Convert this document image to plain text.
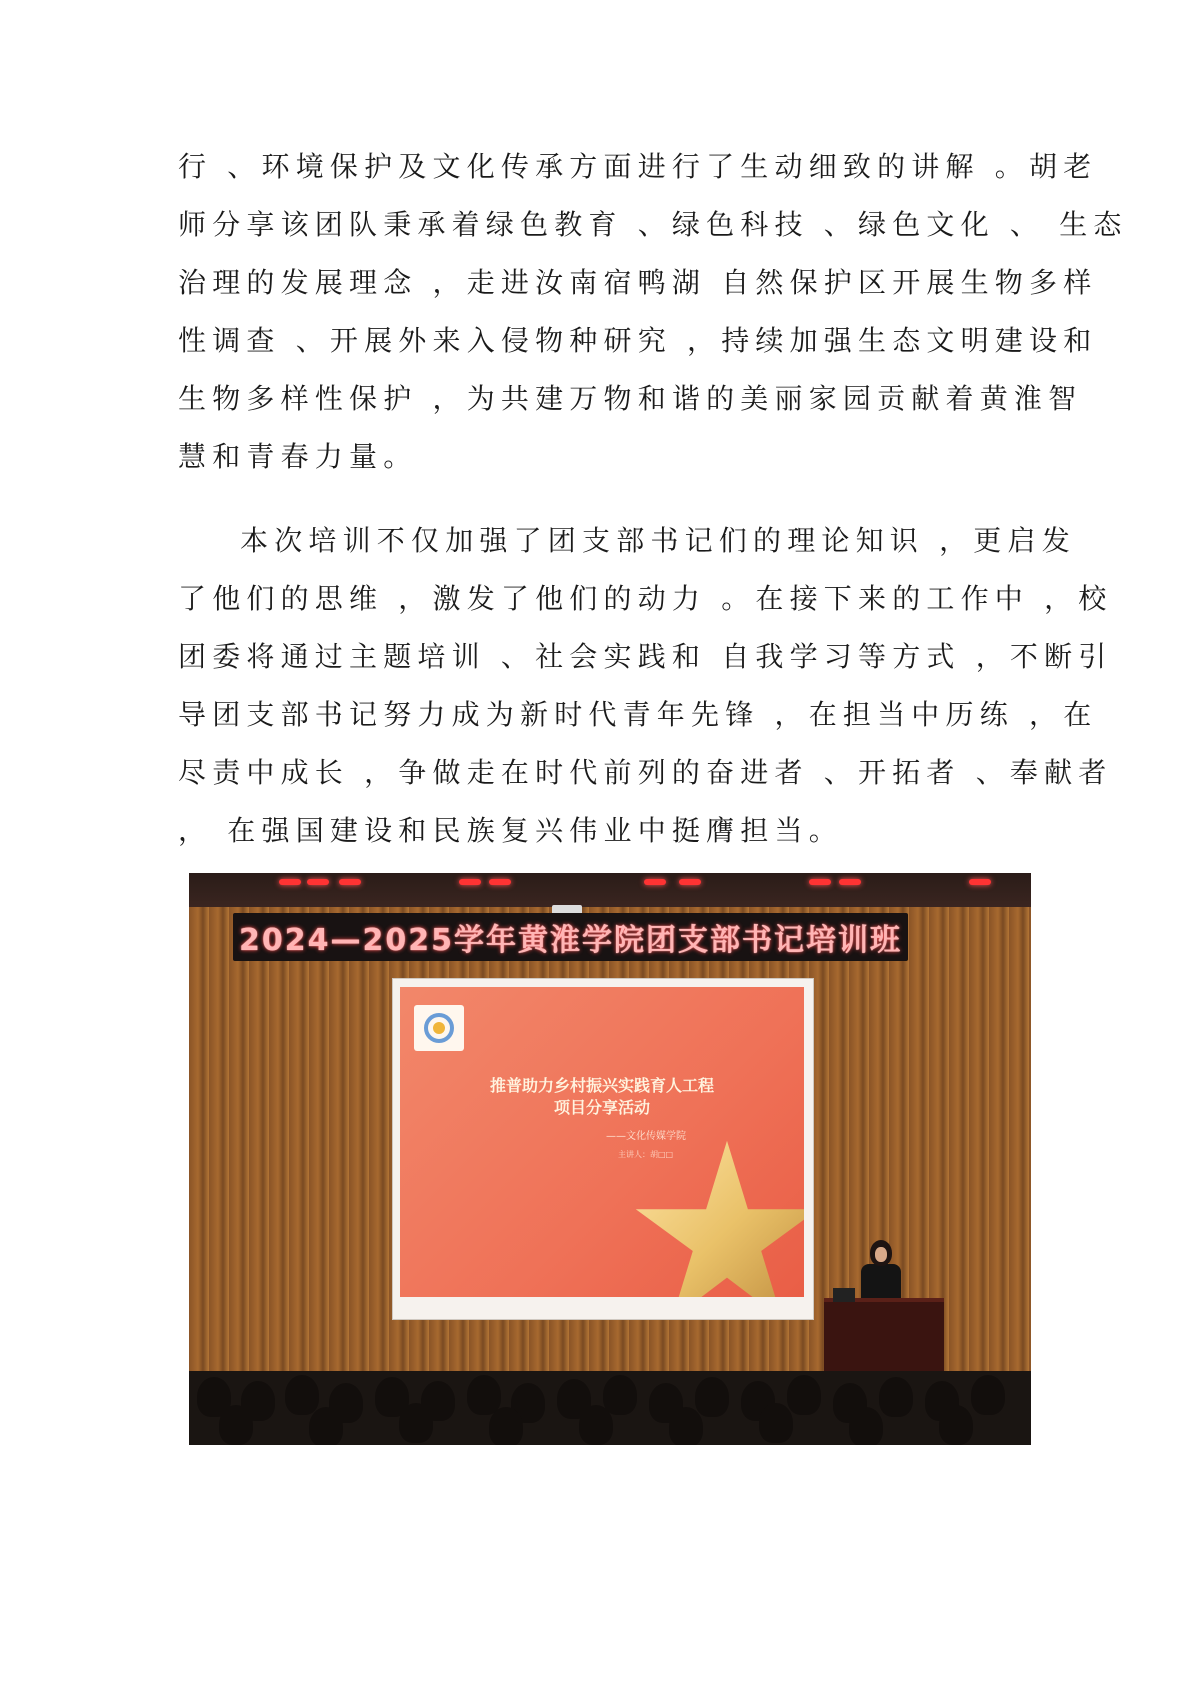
行 、环境保护及文化传承方面进行了生动细致的讲解 。胡老
师分享该团队秉承着绿色教育 、绿色科技 、绿色文化 、 生态
治理的发展理念 ，走进汝南宿鸭湖 自然保护区开展生物多样
性调查 、开展外来入侵物种研究 ，持续加强生态文明建设和
生物多样性保护 ，为共建万物和谐的美丽家园贡献着黄淮智
慧和青春力量。
本次培训不仅加强了团支部书记们的理论知识 ，更启发
了他们的思维 ，激发了他们的动力 。在接下来的工作中 ，校
团委将通过主题培训 、社会实践和 自我学习等方式 ，不断引
导团支部书记努力成为新时代青年先锋 ，在担当中历练 ，在
尽责中成长 ，争做走在时代前列的奋进者 、开拓者 、奉献者
， 在强国建设和民族复兴伟业中挺膺担当。
2024—2025学年黄淮学院团支部书记培训班
推普助力乡村振兴实践育人工程
项目分享活动
——文化传媒学院
主讲人：胡□□
